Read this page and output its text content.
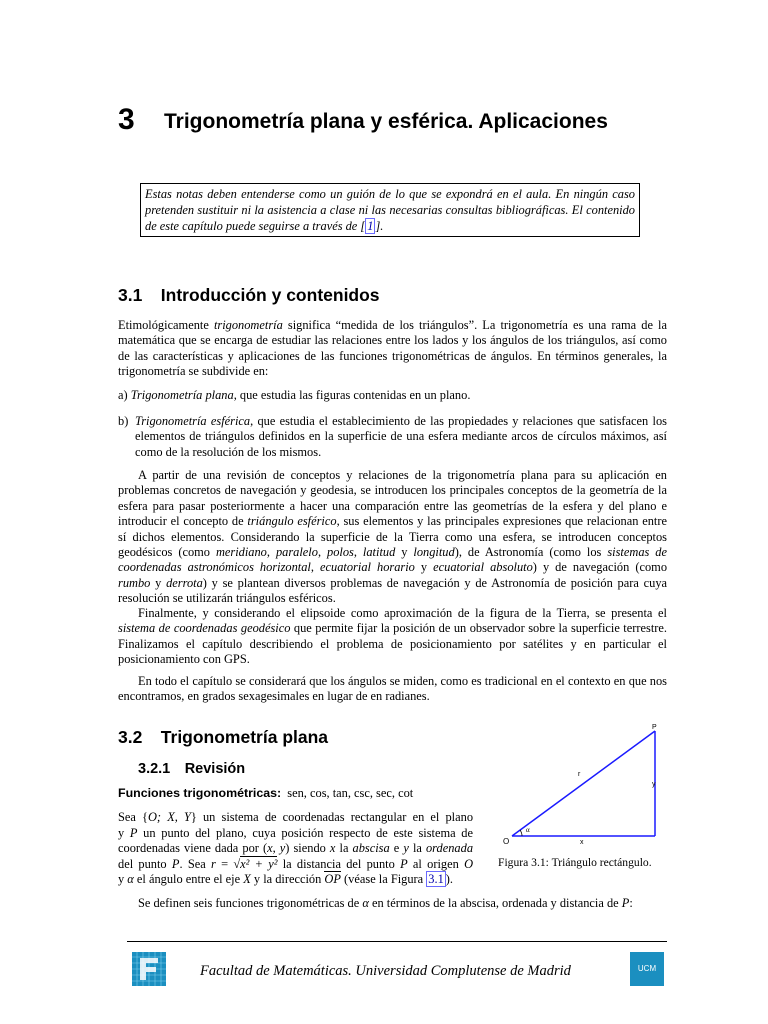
3 Trigonometría plana y esférica. Aplicaciones
Estas notas deben entenderse como un guión de lo que se expondrá en el aula. En ningún caso pretenden sustituir ni la asistencia a clase ni las necesarias consultas bibliográficas. El contenido de este capítulo puede seguirse a través de [ 1 ].
3.1 Introducción y contenidos
Etimológicamente trigonometría significa “medida de los triángulos”. La trigonometría es una rama de la matemática que se encarga de estudiar las relaciones entre los lados y los ángulos de los triángulos, así como de las características y aplicaciones de las funciones trigonométricas de ángulos. En términos generales, la trigonometría se subdivide en:
a) Trigonometría plana, que estudia las figuras contenidas en un plano.
b) Trigonometría esférica, que estudia el establecimiento de las propiedades y relaciones que satisfacen los elementos de triángulos definidos en la superficie de una esfera mediante arcos de círculos máximos, así como de la resolución de los mismos.
A partir de una revisión de conceptos y relaciones de la trigonometría plana para su aplicación en problemas concretos de navegación y geodesia, se introducen los principales conceptos de la geometría de la esfera para pasar posteriormente a hacer una comparación entre las geometrías de la esfera y del plano e introducir el concepto de triángulo esférico, sus elementos y las principales expresiones que relacionan entre sí dichos elementos. Considerando la superficie de la Tierra como una esfera, se introducen conceptos geodésicos (como meridiano, paralelo, polos, latitud y longitud), de Astronomía (como los sistemas de coordenadas astronómicos horizontal, ecuatorial horario y ecuatorial absoluto) y de navegación (como rumbo y derrota) y se plantean diversos problemas de navegación y de Astronomía de posición para cuya resolución se utilizarán triángulos esféricos.
Finalmente, y considerando el elipsoide como aproximación de la figura de la Tierra, se presenta el sistema de coordenadas geodésico que permite fijar la posición de un observador sobre la superficie terrestre. Finalizamos el capítulo describiendo el problema de posicionamiento por satélites y en particular el posicionamiento con GPS.
En todo el capítulo se considerará que los ángulos se miden, como es tradicional en el contexto en que nos encontramos, en grados sexagesimales en lugar de en radianes.
3.2 Trigonometría plana
3.2.1 Revisión
Funciones trigonométricas: sen, cos, tan, csc, sec, cot
Sea {O; X, Y} un sistema de coordenadas rectangular en el plano
y P un punto del plano, cuya posición respecto de este sistema de
coordenadas viene dada por (x, y) siendo x la abscisa e y la ordenada
del punto P. Sea r = √x² + y² la distancia del punto P al origen O
y α el ángulo entre el eje X y la dirección OP (véase la Figura 3.1 ).
P
r
y
O
α
x
Figura 3.1: Triángulo rectángulo.
Se definen seis funciones trigonométricas de α en términos de la abscisa, ordenada y distancia de P:
Facultad de Matemáticas. Universidad Complutense de Madrid	UCM
